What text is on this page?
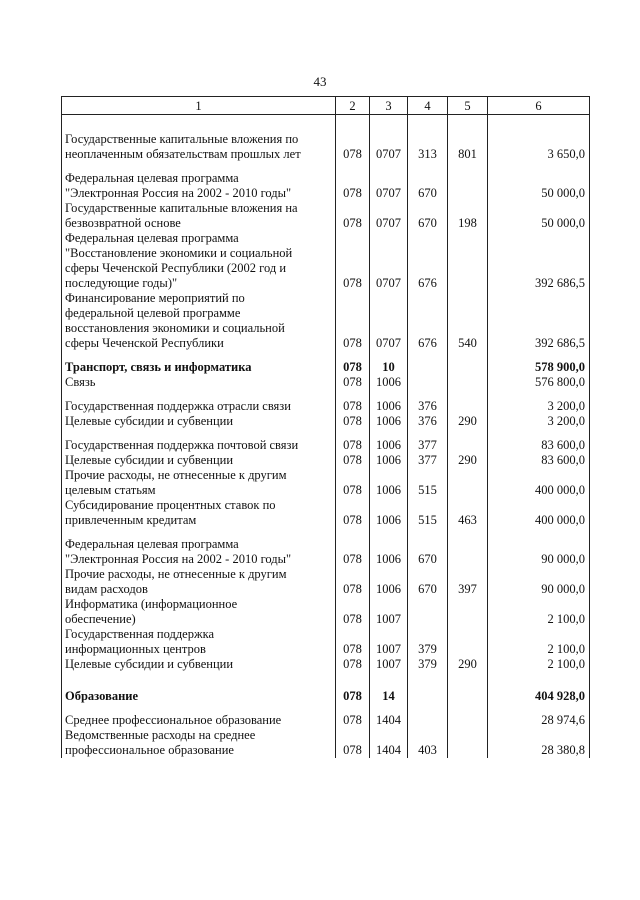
43
1	2	3	4	5	6

Государственные капитальные вложения по
неоплаченным обязательствам прошлых лет	078	0707	313	801	3 650,0

Федеральная целевая программа
"Электронная Россия на 2002 - 2010 годы"	078	0707	670		50 000,0

Государственные капитальные вложения на
безвозвратной основе	078	0707	670	198	50 000,0

Федеральная целевая программа
"Восстановление экономики и социальной
сферы Чеченской Республики (2002 год и
последующие годы)"	078	0707	676		392 686,5

Финансирование мероприятий по
федеральной целевой программе
восстановления экономики и социальной
сферы Чеченской Республики	078	0707	676	540	392 686,5

Транспорт, связь и информатика	078	10			578 900,0

Связь	078	1006			576 800,0

Государственная поддержка отрасли связи	078	1006	376		3 200,0

Целевые субсидии и субвенции	078	1006	376	290	3 200,0

Государственная поддержка почтовой связи	078	1006	377		83 600,0

Целевые субсидии и субвенции	078	1006	377	290	83 600,0

Прочие расходы, не отнесенные к другим
целевым статьям	078	1006	515		400 000,0

Субсидирование процентных ставок по
привлеченным кредитам	078	1006	515	463	400 000,0

Федеральная целевая программа
"Электронная Россия на 2002 - 2010 годы"	078	1006	670		90 000,0

Прочие расходы, не отнесенные к другим
видам расходов	078	1006	670	397	90 000,0

Информатика (информационное
обеспечение)	078	1007			2 100,0

Государственная поддержка
информационных центров	078	1007	379		2 100,0

Целевые субсидии и субвенции	078	1007	379	290	2 100,0

Образование	078	14			404 928,0

Среднее профессиональное образование	078	1404			28 974,6

Ведомственные расходы на среднее
профессиональное образование	078	1404	403		28 380,8
